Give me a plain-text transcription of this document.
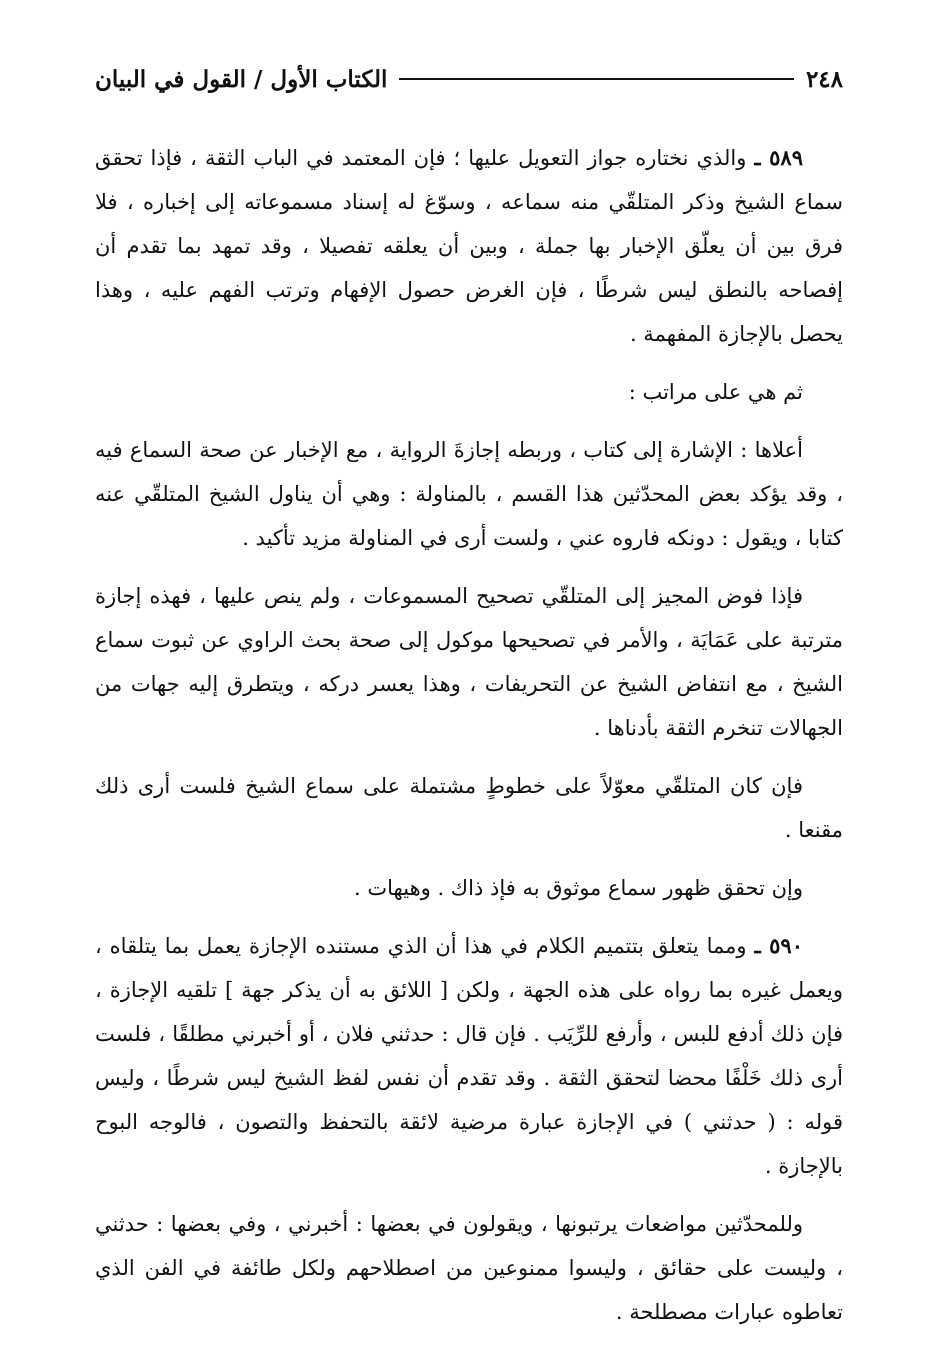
٢٤٨
الكتاب الأول / القول في البيان

٥٨٩ ـ والذي نختاره جواز التعويل عليها ؛ فإن المعتمد في الباب الثقة ، فإذا تحقق سماع الشيخ وذكر المتلقّي منه سماعه ، وسوّغ له إسناد مسموعاته إلى إخباره ، فلا فرق بين أن يعلّق الإخبار بها جملة ، وبين أن يعلقه تفصيلا ، وقد تمهد بما تقدم أن إفصاحه بالنطق ليس شرطًا ، فإن الغرض حصول الإفهام وترتب الفهم عليه ، وهذا يحصل بالإجازة المفهمة .

ثم هي على مراتب :

أعلاها : الإشارة إلى كتاب ، وربطه إجازةَ الرواية ، مع الإخبار عن صحة السماع فيه ، وقد يؤكد بعض المحدّثين هذا القسم ، بالمناولة : وهي أن يناول الشيخ المتلقّي عنه كتابا ، ويقول : دونكه فاروه عني ، ولست أرى في المناولة مزيد تأكيد .

فإذا فوض المجيز إلى المتلقّي تصحيح المسموعات ، ولم ينص عليها ، فهذه إجازة مترتبة على عَمَايَة ، والأمر في تصحيحها موكول إلى صحة بحث الراوي عن ثبوت سماع الشيخ ، مع انتفاض الشيخ عن التحريفات ، وهذا يعسر دركه ، ويتطرق إليه جهات من الجهالات تنخرم الثقة بأدناها .

فإن كان المتلقّي معوّلاً على خطوطٍ مشتملة على سماع الشيخ فلست أرى ذلك مقنعا .

وإن تحقق ظهور سماع موثوق به فإذ ذاك . وهيهات .

٥٩٠ ـ ومما يتعلق بتتميم الكلام في هذا أن الذي مستنده الإجازة يعمل بما يتلقاه ، ويعمل غيره بما رواه على هذه الجهة ، ولكن [ اللائق به أن يذكر جهة ] تلقيه الإجازة ، فإن ذلك أدفع للبس ، وأرفع للرِّيَب . فإن قال : حدثني فلان ، أو أخبرني مطلقًا ، فلست أرى ذلك خَلْفًا محضا لتحقق الثقة . وقد تقدم أن نفس لفظ الشيخ ليس شرطًا ، وليس قوله : ( حدثني ) في الإجازة عبارة مرضية لائقة بالتحفظ والتصون ، فالوجه البوح بالإجازة .

وللمحدّثين مواضعات يرتبونها ، ويقولون في بعضها : أخبرني ، وفي بعضها : حدثني ، وليست على حقائق ، وليسوا ممنوعين من اصطلاحهم ولكل طائفة في الفن الذي تعاطوه عبارات مصطلحة .
